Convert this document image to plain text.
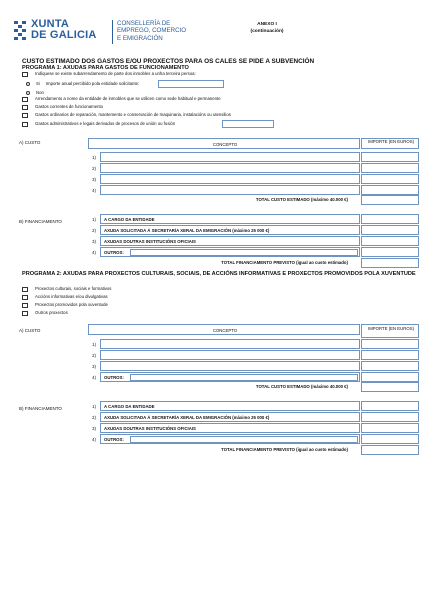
XUNTA
DE GALICIA
CONSELLERÍA DE
EMPREGO, COMERCIO
E EMIGRACIÓN
ANEXO I
(continuación)
CUSTO ESTIMADO DOS GASTOS E/OU PROXECTOS PARA OS CALES SE PIDE A SUBVENCIÓN
PROGRAMA 1: AXUDAS PARA GASTOS DE FUNCIONAMENTO
Indíquese se existe subarrendamento de parte dos inmobles a unha terceira persoa:
Si Importe anual percibido pola entidade solicitante:
Non
Arrendamento a nome da entidade de inmobles que se utilicen como sede habitual e permanente
Gastos correntes de funcionamento
Gastos ordinarios de reparación, mantemento e conservación de maquinaria, instalacións ou utensilios
Gastos administrativos e legais derivados de procesos de unión ou fusión
A) CUSTO	CONCEPTO
IMPORTE (EN EUROS)
1)
2)
3)
4)
TOTAL CUSTO ESTIMADO (máximo 40.000 €)
B) FINANCIAMENTO	1) A CARGO DA ENTIDADE
2) AXUDA SOLICITADA Á SECRETARÍA XERAL DA EMIGRACIÓN (máximo 25 000 €)
3) AXUDAS DOUTRAS INSTITUCIÓNS OFICIAIS
4) OUTROS:
TOTAL FINANCIAMENTO PREVISTO (igual ao custo estimado)
PROGRAMA 2: AXUDAS PARA PROXECTOS CULTURAIS, SOCIAIS, DE ACCIÓNS INFORMATIVAS E PROXECTOS PROMOVIDOS POLA XUVENTUDE
Proxectos culturais, sociais e formativos
Accións informativas e/ou divulgativas
Proxectos promovidos pola xuventude
Outros proxectos
A) CUSTO	CONCEPTO	IMPORTE (EN EUROS)
1)
2)
3)
4) OUTROS:
TOTAL CUSTO ESTIMADO (máximo 40.000 €)
B) FINANCIAMENTO	1) A CARGO DA ENTIDADE
2) AXUDA SOLICITADA Á SECRETARÍA XERAL DA EMIGRACIÓN (máximo 25 000 €)
3) AXUDAS DOUTRAS INSTITUCIÓNS OFICIAIS
4) OUTROS:
TOTAL FINANCIAMENTO PREVISTO (igual ao custo estimado)
